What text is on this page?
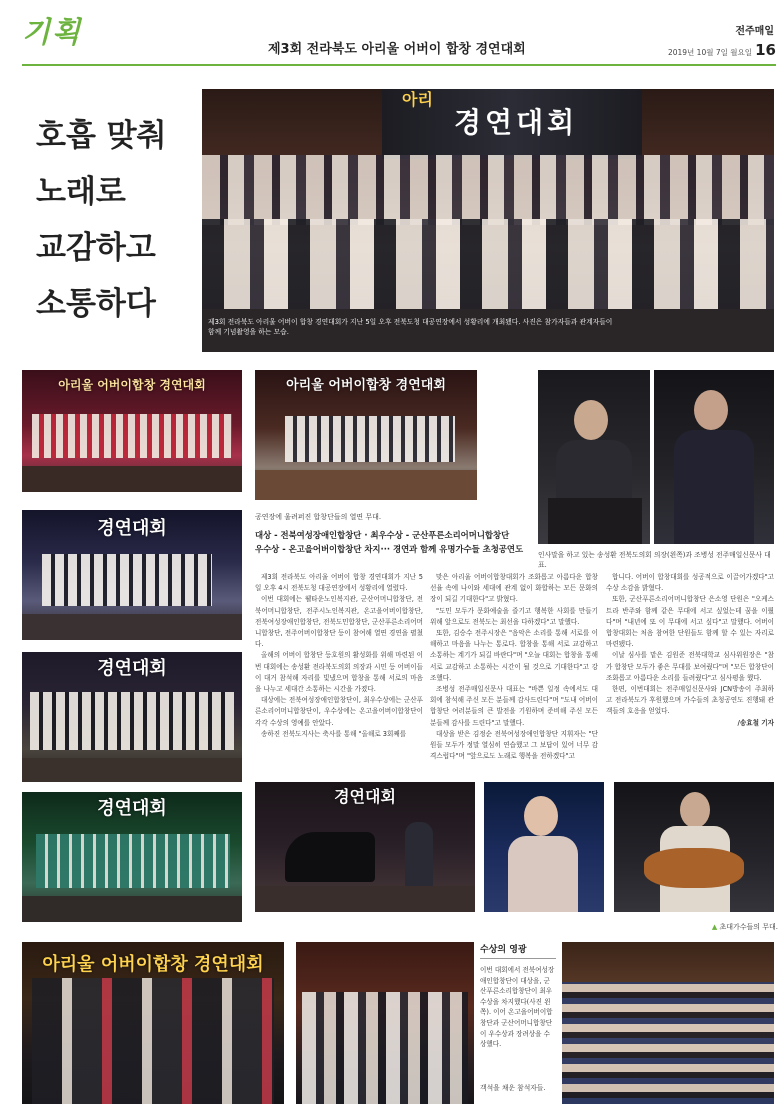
기획
제3회 전라북도 아리울 어버이 합창 경연대회
전주매일
2019년 10월 7일 월요일 16
호흡 맞춰
노래로
교감하고
소통하다
아리
경연대회
제3회 전라북도 아리울 어버이 합창 경연대회가 지난 5일 오후 전북도청 대공연장에서 성황리에 개최됐다. 사진은 참가자들과 관계자들이 함께 기념촬영을 하는 모습.
아리울 어버이합창 경연대회	아리울 어버이합창 경연대회
경연대회
경연대회
경연대회
공연장에 울려퍼진 합창단들의 열띤 무대.
인사말을 하고 있는 송성환 전북도의회 의장(왼쪽)과 조병성 전주매일신문사 대표.
대상 - 전북여성장애인합창단 · 최우수상 - 군산푸른소리어머니합창단
우수상 - 온고을어버이합창단 차지··· 경연과 함께 유명가수들 초청공연도

제3회 전라북도 아리울 어버이 합창 경연대회가 지난 5일 오후 4시 전북도청 대공연장에서 성황리에 열렸다.

이번 대회에는 웰타운노인복지관, 군산어머니합창단, 전북어머니합창단, 전주시노인복지관, 온고을어버이합창단, 전북여성장애인합창단, 전북도민합창단, 군산푸른소리어머니합창단, 전주어버이합창단 등이 참여해 열띤 경연을 펼쳤다.

올해의 어버이 합창단 등호원의 활성화를 위해 마련된 이번 대회에는 송성환 전라북도의회 의장과 시민 등 어버이들이 대거 참석해 자리를 빛냈으며 합창을 통해 서로의 마음을 나누고 세대간 소통하는 시간을 가졌다.

대상에는 전북여성장애인합창단이, 최우수상에는 군산푸른소리어머니합창단이, 우수상에는 온고을어버이합창단이 각각 수상의 영예를 안았다.

송하진 전북도지사는 축사를 통해 "올해로 3회째를

맞은 아리울 어버이합창대회가 조화롭고 아름다운 합창선율 속에 나이와 세대에 관계 없이 화합하는 모든 문화의 장이 되길 기대한다"고 밝혔다.

"도민 모두가 문화예술을 즐기고 행복한 사회를 만들기 위해 앞으로도 전북도는 최선을 다하겠다"고 말했다.

또한, 김승수 전주시장은 "음악은 소리를 통해 서로를 이해하고 마음을 나누는 통로다. 합창을 통해 서로 교감하고 소통하는 계기가 되길 바란다"며 "오늘 대회는 합창을 통해 서로 교감하고 소통하는 시간이 될 것으로 기대한다"고 강조했다.

조병성 전주매일신문사 대표는 "바쁜 일정 속에서도 대회에 참석해 주신 모든 분들께 감사드린다"며 "도내 어버이 합창단 여러분들의 큰 발전을 기원하며 준비해 주신 모든 분들께 감사를 드린다"고 말했다.

대상을 받은 김정순 전북여성장애인합창단 지휘자는 "단원들 모두가 정말 열심히 연습했고 그 보답이 있어 너무 감격스럽다"며 "앞으로도 노래로 행복을 전하겠다"고

합니다. 어버이 합창대회를 성공적으로 이끌어가겠다"고 수상 소감을 밝혔다.

또한, 군산푸른소리어머니합창단 은소영 단원은 "오케스트라 반주와 함께 같은 무대에 서고 싶었는데 꿈을 이뤘다"며 "내년에 또 이 무대에 서고 싶다"고 말했다. 어버이합창대회는 처음 참여한 단원들도 함께 할 수 있는 자리로 마련됐다.

이날 심사를 맡은 김원준 전북대학교 심사위원장은 "참가 합창단 모두가 좋은 무대를 보여줬다"며 "모든 합창단이 조화롭고 아름다운 소리를 들려줬다"고 심사평을 했다.

한편, 이번대회는 전주매일신문사와 JCN방송이 주최하고 전라북도가 후원했으며 가수들의 초청공연도 진행돼 관객들의 호응을 얻었다.

/송효철 기자
경연대회
▲ 초대가수들의 무대.
아리울 어버이합창 경연대회
수상의 영광
이번 대회에서 전북여성장애인합창단이 대상을, 군산푸른소리합창단이 최우수상을 차지했다(사진 왼쪽). 이어 온고을어버이합창단과 군산어머니합창단이 우수상과 장려상을 수상했다.
객석을 채운 참석자들.
